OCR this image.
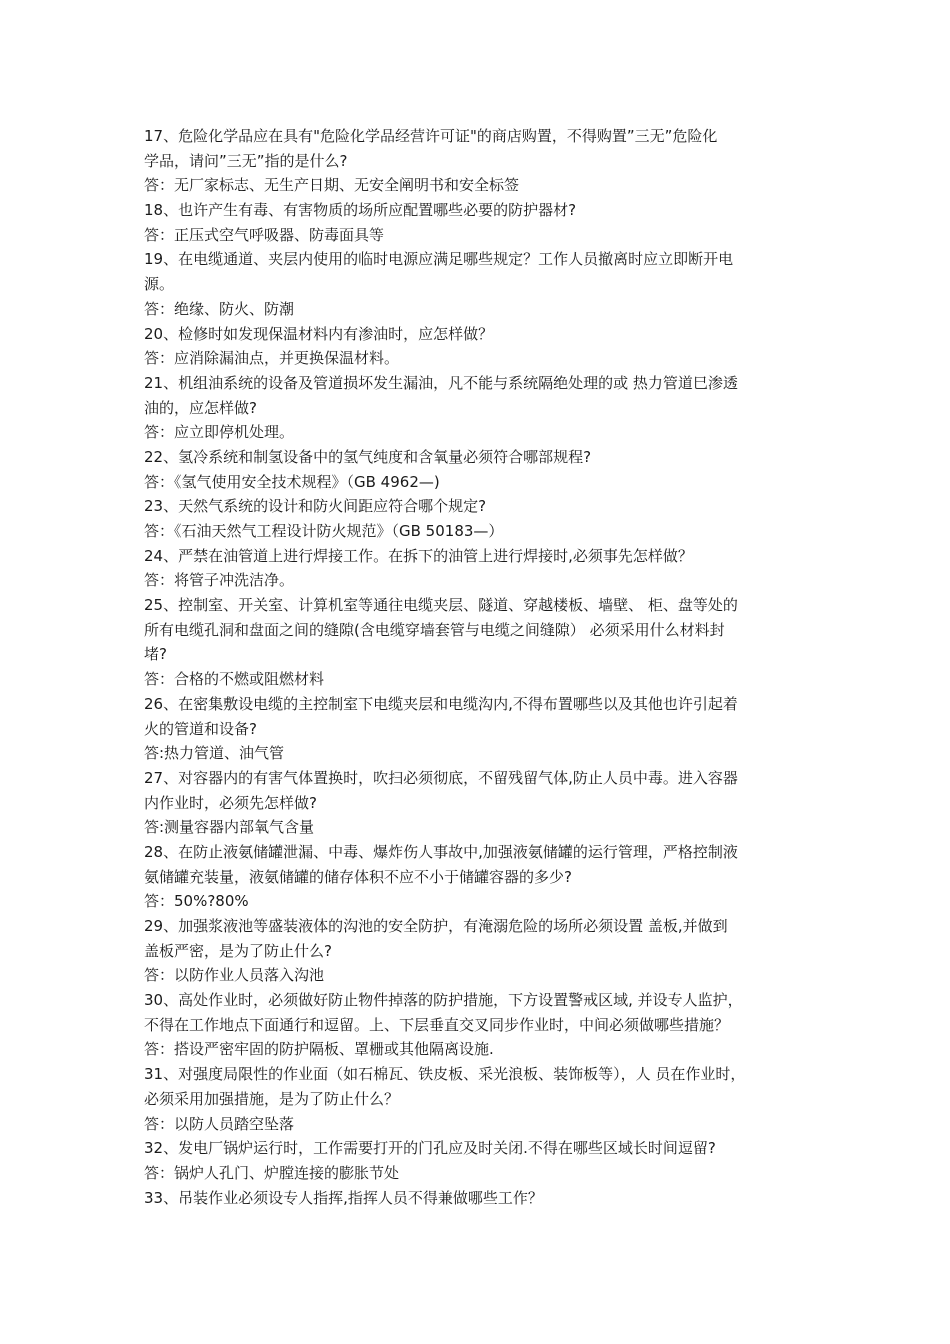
17、危险化学品应在具有"危险化学品经营许可证"的商店购置，不得购置”三无”危险化
学品，请问”三无”指的是什么?
答：无厂家标志、无生产日期、无安全阐明书和安全标签
18、也许产生有毒、有害物质的场所应配置哪些必要的防护器材?
答：正压式空气呼吸器、防毒面具等
19、在电缆通道、夹层内使用的临时电源应满足哪些规定？工作人员撤离时应立即断开电
源。
答：绝缘、防火、防潮
20、检修时如发现保温材料内有渗油时，应怎样做？
答：应消除漏油点，并更换保温材料。
21、机组油系统的设备及管道损坏发生漏油，凡不能与系统隔绝处理的或 热力管道巳渗透
油的，应怎样做?
答：应立即停机处理。
22、氢冷系统和制氢设备中的氢气纯度和含氧量必须符合哪部规程?
答：《氢气使用安全技术规程》（GB 4962—)
23、天然气系统的设计和防火间距应符合哪个规定?
答：《石油天然气工程设计防火规范》（GB 50183—）
24、严禁在油管道上进行焊接工作。在拆下的油管上进行焊接时,必须事先怎样做？
答：将管子冲洗洁净。
25、控制室、开关室、计算机室等通往电缆夹层、隧道、穿越楼板、墙壁、 柜、盘等处的
所有电缆孔洞和盘面之间的缝隙(含电缆穿墙套管与电缆之间缝隙） 必须采用什么材料封
堵?
答：合格的不燃或阻燃材料
26、在密集敷设电缆的主控制室下电缆夹层和电缆沟内,不得布置哪些以及其他也许引起着
火的管道和设备?
答:热力管道、油气管
27、对容器内的有害气体置换时，吹扫必须彻底，不留残留气体,防止人员中毒。进入容器
内作业时，必须先怎样做?
答:测量容器内部氧气含量
28、在防止液氨储罐泄漏、中毒、爆炸伤人事故中,加强液氨储罐的运行管理，严格控制液
氨储罐充装量，液氨储罐的储存体积不应不小于储罐容器的多少?
答：50%?80%
29、加强浆液池等盛装液体的沟池的安全防护，有淹溺危险的场所必须设置 盖板,并做到
盖板严密，是为了防止什么?
答：以防作业人员落入沟池
30、高处作业时，必须做好防止物件掉落的防护措施，下方设置警戒区域, 并设专人监护，
不得在工作地点下面通行和逗留。上、下层垂直交叉同步作业时，中间必须做哪些措施？
答：搭设严密牢固的防护隔板、罩栅或其他隔离设施.
31、对强度局限性的作业面（如石棉瓦、铁皮板、采光浪板、装饰板等），人 员在作业时，
必须采用加强措施，是为了防止什么？
答：以防人员踏空坠落
32、发电厂锅炉运行时，工作需要打开的门孔应及时关闭.不得在哪些区域长时间逗留?
答：锅炉人孔门、炉膛连接的膨胀节处
33、吊装作业必须设专人指挥,指挥人员不得兼做哪些工作？
